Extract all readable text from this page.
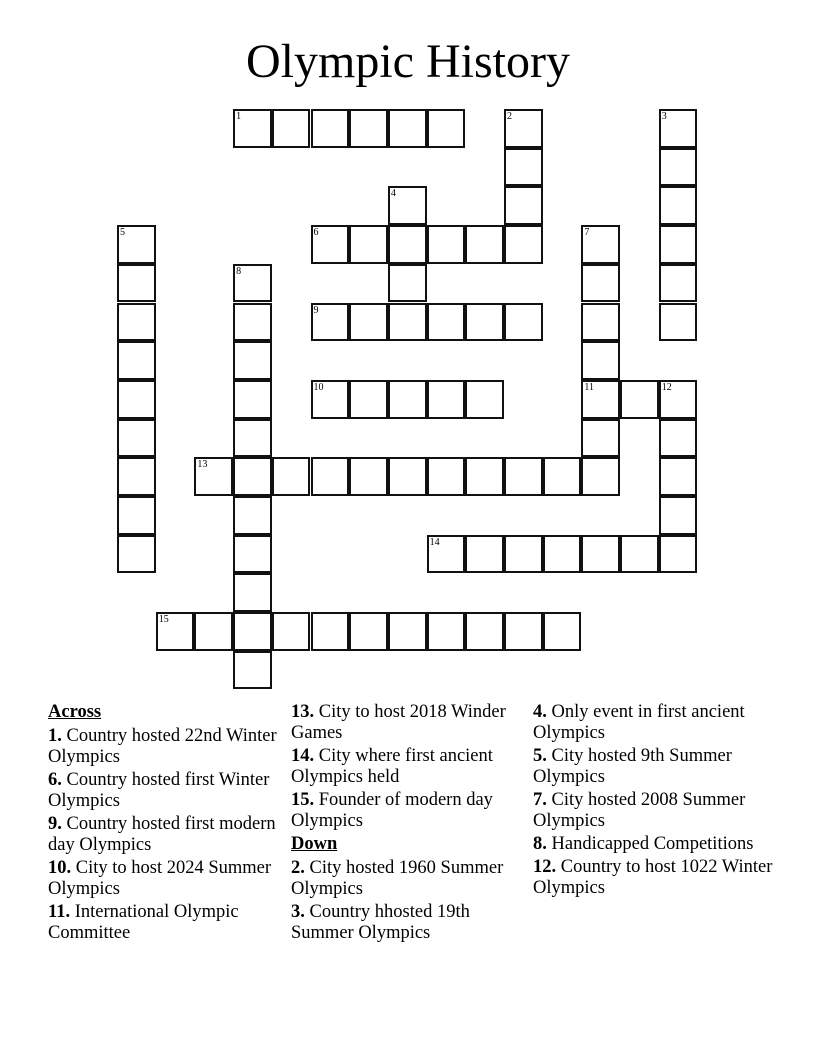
Olympic History
1	2	3
4
5	6	7
11
8
9
10	12
13
14
15
Across
1. Country hosted 22nd Winter Olympics
6. Country hosted first Winter Olympics
9. Country hosted first modern day Olympics
10. City to host 2024 Summer Olympics
11. International Olympic Committee
13. City to host 2018 Winder Games
14. City where first ancient Olympics held
15. Founder of modern day Olympics
Down
2. City hosted 1960 Summer Olympics
3. Country hhosted 19th Summer Olympics
4. Only event in first ancient Olympics
5. City hosted 9th Summer Olympics
7. City hosted 2008 Summer Olympics
8. Handicapped Competitions
12. Country to host 1022 Winter Olympics
